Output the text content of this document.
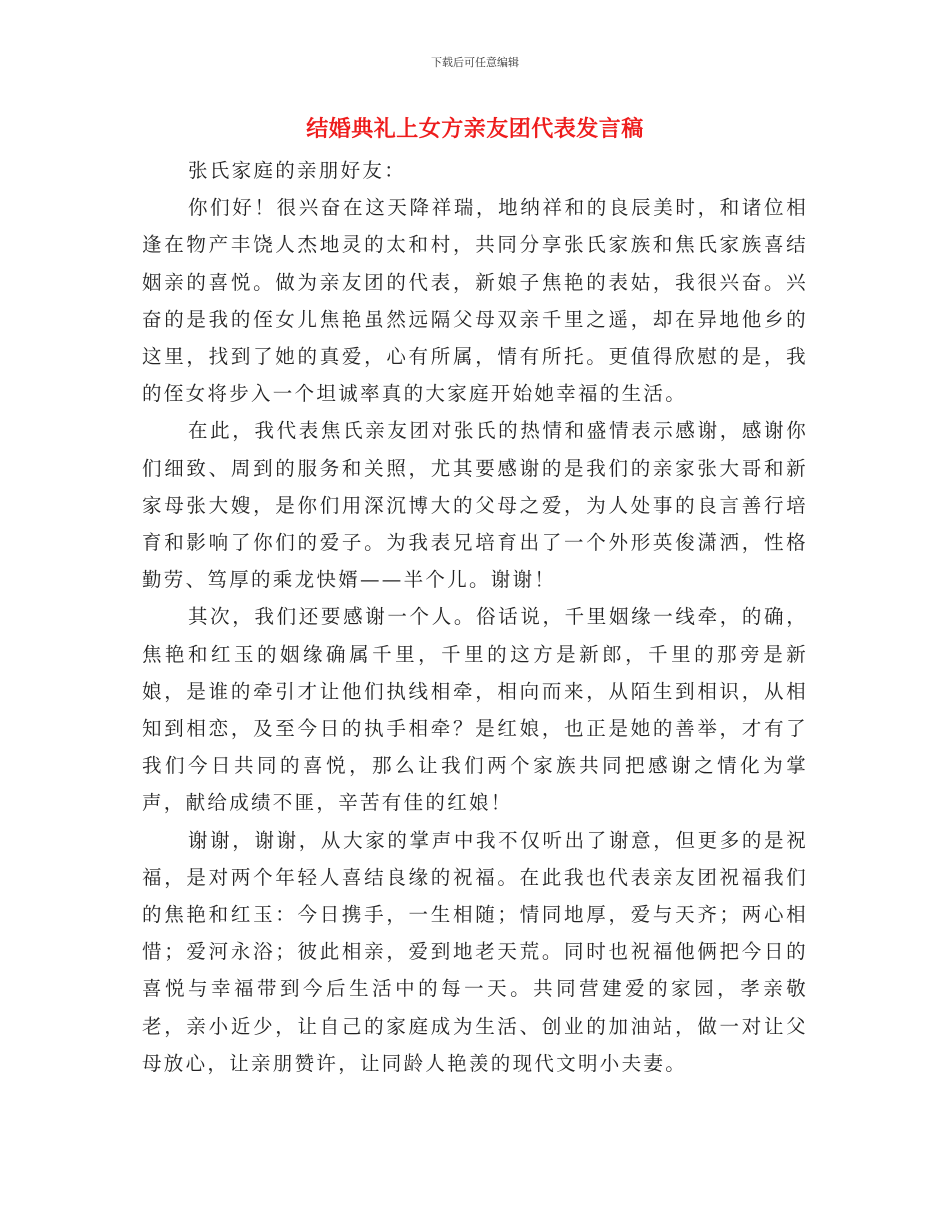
下载后可任意编辑
结婚典礼上女方亲友团代表发言稿

张氏家庭的亲朋好友：

你们好！很兴奋在这天降祥瑞，地纳祥和的良辰美时，和诸位相逢在物产丰饶人杰地灵的太和村，共同分享张氏家族和焦氏家族喜结姻亲的喜悦。做为亲友团的代表，新娘子焦艳的表姑，我很兴奋。兴奋的是我的侄女儿焦艳虽然远隔父母双亲千里之遥，却在异地他乡的这里，找到了她的真爱，心有所属，情有所托。更值得欣慰的是，我的侄女将步入一个坦诚率真的大家庭开始她幸福的生活。

在此，我代表焦氏亲友团对张氏的热情和盛情表示感谢，感谢你们细致、周到的服务和关照，尤其要感谢的是我们的亲家张大哥和新家母张大嫂，是你们用深沉博大的父母之爱，为人处事的良言善行培育和影响了你们的爱子。为我表兄培育出了一个外形英俊潇洒，性格勤劳、笃厚的乘龙快婿——半个儿。谢谢！

其次，我们还要感谢一个人。俗话说，千里姻缘一线牵，的确，焦艳和红玉的姻缘确属千里，千里的这方是新郎，千里的那旁是新娘，是谁的牵引才让他们执线相牵，相向而来，从陌生到相识，从相知到相恋，及至今日的执手相牵？是红娘，也正是她的善举，才有了我们今日共同的喜悦，那么让我们两个家族共同把感谢之情化为掌声，献给成绩不匪，辛苦有佳的红娘！

谢谢，谢谢，从大家的掌声中我不仅听出了谢意，但更多的是祝福，是对两个年轻人喜结良缘的祝福。在此我也代表亲友团祝福我们的焦艳和红玉：今日携手，一生相随；情同地厚，爱与天齐；两心相惜；爱河永浴；彼此相亲，爱到地老天荒。同时也祝福他俩把今日的喜悦与幸福带到今后生活中的每一天。共同营建爱的家园，孝亲敬老，亲小近少，让自己的家庭成为生活、创业的加油站，做一对让父母放心，让亲朋赞许，让同龄人艳羡的现代文明小夫妻。
